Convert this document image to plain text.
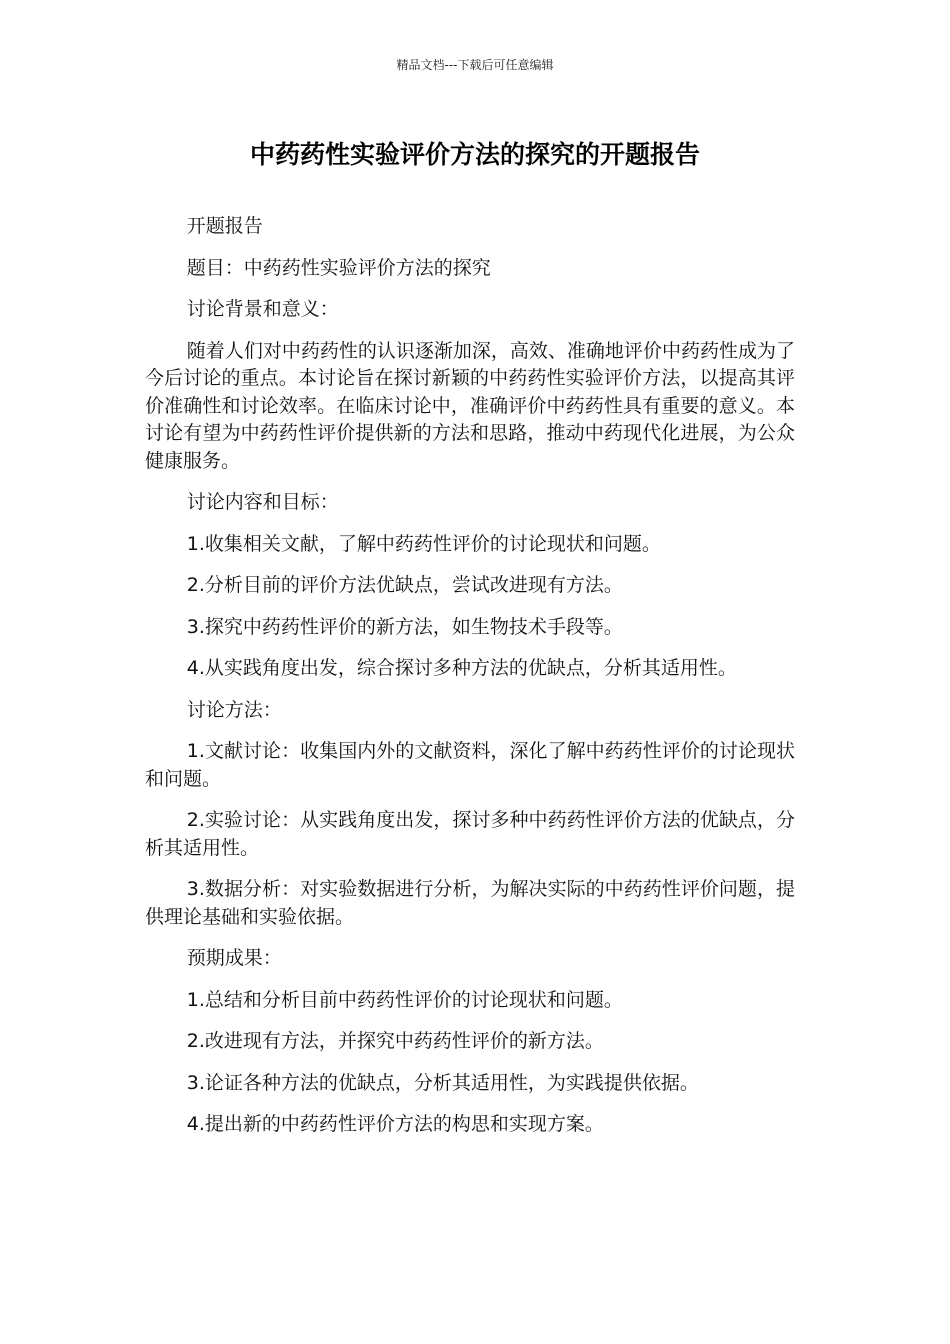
精品文档---下载后可任意编辑
中药药性实验评价方法的探究的开题报告

开题报告

题目：中药药性实验评价方法的探究

讨论背景和意义：

随着人们对中药药性的认识逐渐加深，高效、准确地评价中药药性成为了今后讨论的重点。本讨论旨在探讨新颖的中药药性实验评价方法，以提高其评价准确性和讨论效率。在临床讨论中，准确评价中药药性具有重要的意义。本讨论有望为中药药性评价提供新的方法和思路，推动中药现代化进展，为公众健康服务。

讨论内容和目标：

1.收集相关文献，了解中药药性评价的讨论现状和问题。

2.分析目前的评价方法优缺点，尝试改进现有方法。

3.探究中药药性评价的新方法，如生物技术手段等。

4.从实践角度出发，综合探讨多种方法的优缺点，分析其适用性。

讨论方法：

1.文献讨论：收集国内外的文献资料，深化了解中药药性评价的讨论现状和问题。

2.实验讨论：从实践角度出发，探讨多种中药药性评价方法的优缺点，分析其适用性。

3.数据分析：对实验数据进行分析，为解决实际的中药药性评价问题，提供理论基础和实验依据。

预期成果：

1.总结和分析目前中药药性评价的讨论现状和问题。

2.改进现有方法，并探究中药药性评价的新方法。

3.论证各种方法的优缺点，分析其适用性，为实践提供依据。

4.提出新的中药药性评价方法的构思和实现方案。
